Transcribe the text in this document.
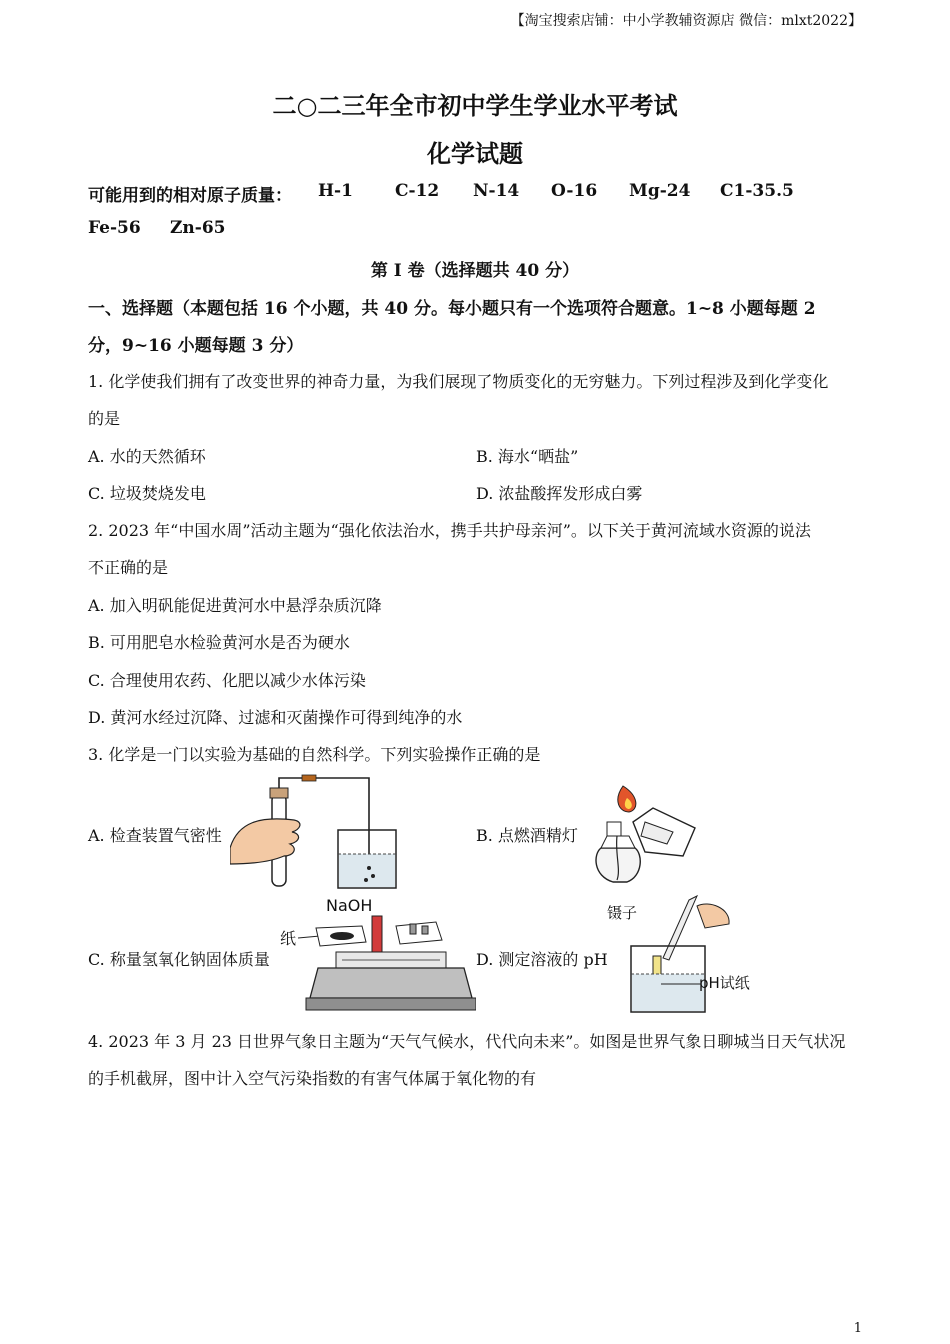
【淘宝搜索店铺：中小学教辅资源店 微信：mlxt2022】
二○二三年全市初中学生学业水平考试
化学试题
可能用到的相对原子质量： H-1 C-12 N-14 O-16 Mg-24 C1-35.5
Fe-56 Zn-65
第 I 卷（选择题共 40 分）
一、选择题（本题包括 16 个小题，共 40 分。每小题只有一个选项符合题意。1~8 小题每题 2
分，9~16 小题每题 3 分）
1. 化学使我们拥有了改变世界的神奇力量，为我们展现了物质变化的无穷魅力。下列过程涉及到化学变化
的是
A. 水的天然循环	B. 海水“晒盐”
C. 垃圾焚烧发电	D. 浓盐酸挥发形成白雾
2. 2023 年“中国水周”活动主题为“强化依法治水，携手共护母亲河”。以下关于黄河流域水资源的说法
不正确的是
A. 加入明矾能促进黄河水中悬浮杂质沉降
B. 可用肥皂水检验黄河水是否为硬水
C. 合理使用农药、化肥以减少水体污染
D. 黄河水经过沉降、过滤和灭菌操作可得到纯净的水
3. 化学是一门以实验为基础的自然科学。下列实验操作正确的是
A. 检查装置气密性	B. 点燃酒精灯
C. 称量氢氧化钠固体质量	D. 测定溶液的 pH
NaOH
纸
镊子
pH试纸
4. 2023 年 3 月 23 日世界气象日主题为“天气气候水，代代向未来”。如图是世界气象日聊城当日天气状况
的手机截屏，图中计入空气污染指数的有害气体属于氧化物的有
1
